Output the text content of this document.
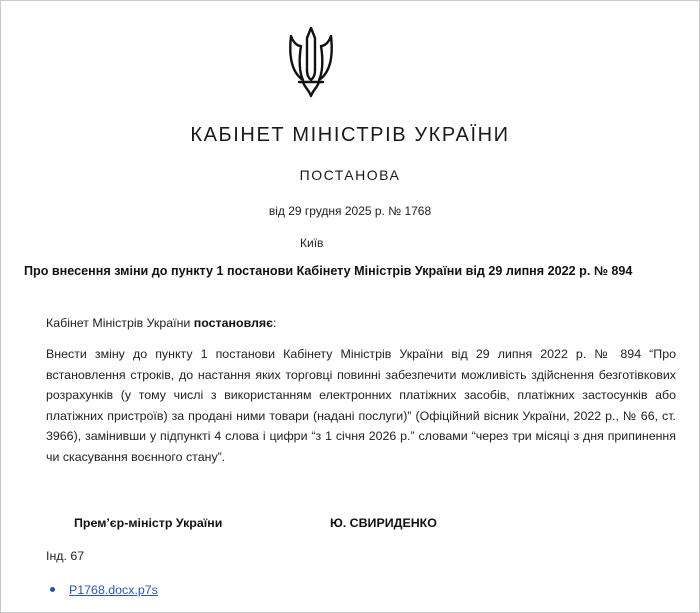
КАБІНЕТ МІНІСТРІВ УКРАЇНИ
ПОСТАНОВА
від 29 грудня 2025 р. № 1768
Київ
Про внесення зміни до пункту 1 постанови Кабінету Міністрів України від 29 липня 2022 р. № 894
Кабінет Міністрів України постановляє:
Внести зміну до пункту 1 постанови Кабінету Міністрів України від 29 липня 2022 р. № 894 “Про встановлення строків, до настання яких торговці повинні забезпечити можливість здійснення безготівкових розрахунків (у тому числі з використанням електронних платіжних засобів, платіжних застосунків або платіжних пристроїв) за продані ними товари (надані послуги)” (Офіційний вісник України, 2022 р., № 66, ст. 3966), замінивши у підпункті 4 слова і цифри “з 1 січня 2026 р.” словами “через три місяці з дня припинення чи скасування воєнного стану”.
Прем’єр-міністр України	Ю. СВИРИДЕНКО
Інд. 67
P1768.docx.p7s
